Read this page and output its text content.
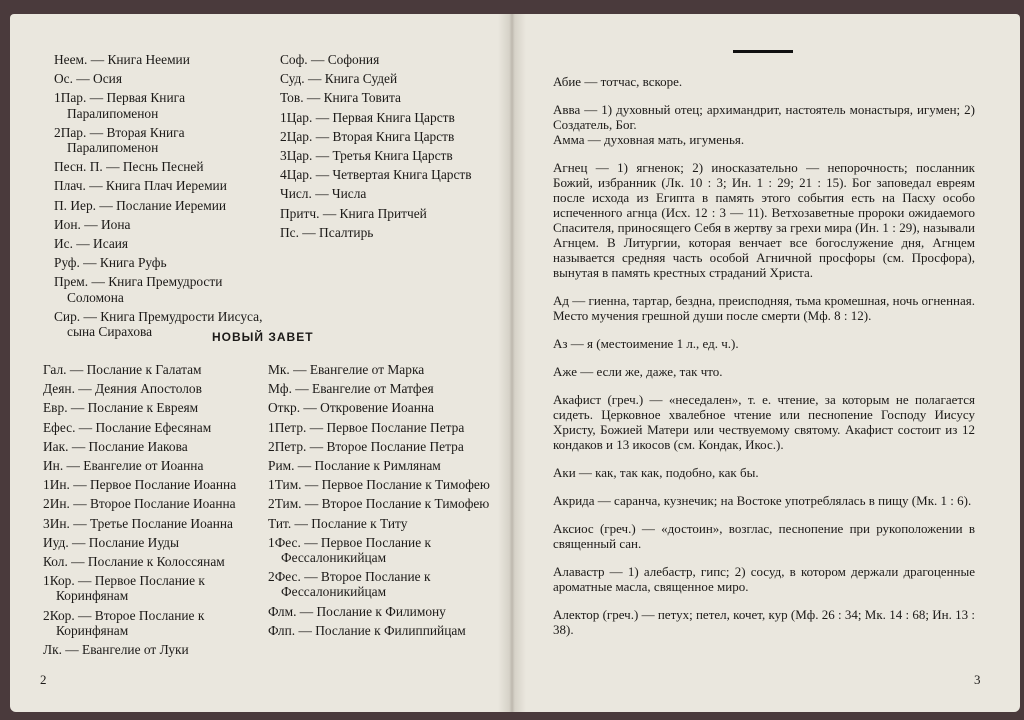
Неем. — Книга Неемии
Ос. — Осия
1Пар. — Первая Книга Паралипоменон
2Пар. — Вторая Книга Паралипоменон
Песн. П. — Песнь Песней
Плач. — Книга Плач Иеремии
П. Иер. — Послание Иеремии
Ион. — Иона
Ис. — Исаия
Руф. — Книга Руфь
Прем. — Книга Премудрости Соломона
Сир. — Книга Премудрости Иисуса, сына Сирахова
Соф. — Софония
Суд. — Книга Судей
Тов. — Книга Товита
1Цар. — Первая Книга Царств
2Цар. — Вторая Книга Царств
3Цар. — Третья Книга Царств
4Цар. — Четвертая Книга Царств
Числ. — Числа
Притч. — Книга Притчей
Пс. — Псалтирь
НОВЫЙ ЗАВЕТ
Гал. — Послание к Галатам
Деян. — Деяния Апостолов
Евр. — Послание к Евреям
Ефес. — Послание Ефесянам
Иак. — Послание Иакова
Ин. — Евангелие от Иоанна
1Ин. — Первое Послание Иоанна
2Ин. — Второе Послание Иоанна
3Ин. — Третье Послание Иоанна
Иуд. — Послание Иуды
Кол. — Послание к Колоссянам
1Кор. — Первое Послание к Коринфянам
2Кор. — Второе Послание к Коринфянам
Лк. — Евангелие от Луки
Мк. — Евангелие от Марка
Мф. — Евангелие от Матфея
Откр. — Откровение Иоанна
1Петр. — Первое Послание Петра
2Петр. — Второе Послание Петра
Рим. — Послание к Римлянам
1Тим. — Первое Послание к Тимофею
2Тим. — Второе Послание к Тимофею
Тит. — Послание к Титу
1Фес. — Первое Послание к Фессалоникийцам
2Фес. — Второе Послание к Фессалоникийцам
Флм. — Послание к Филимону
Флп. — Послание к Филиппийцам
2
Абие — тотчас, вскоре.
Авва — 1) духовный отец; архимандрит, настоятель монастыря, игумен; 2) Создатель, Бог.
Амма — духовная мать, игуменья.
Агнец — 1) ягненок; 2) иносказательно — непорочность; посланник Божий, избранник (Лк. 10 : 3; Ин. 1 : 29; 21 : 15). Бог заповедал евреям после исхода из Египта в память этого события есть на Пасху особо испеченного агнца (Исх. 12 : 3 — 11). Ветхозаветные пророки ожидаемого Спасителя, приносящего Себя в жертву за грехи мира (Ин. 1 : 29), называли Агнцем. В Литургии, которая венчает все богослужение дня, Агнцем называется средняя часть особой Агничной просфоры (см. Просфора), вынутая в память крестных страданий Христа.
Ад — гиенна, тартар, бездна, преисподняя, тьма кромешная, ночь огненная. Место мучения грешной души после смерти (Мф. 8 : 12).
Аз — я (местоимение 1 л., ед. ч.).
Аже — если же, даже, так что.
Акафист (греч.) — «неседален», т. е. чтение, за которым не полагается сидеть. Церковное хвалебное чтение или песнопение Господу Иисусу Христу, Божией Матери или чествуемому святому. Акафист состоит из 12 кондаков и 13 икосов (см. Кондак, Икос.).
Аки — как, так как, подобно, как бы.
Акрида — саранча, кузнечик; на Востоке употреблялась в пищу (Мк. 1 : 6).
Аксиос (греч.) — «достоин», возглас, песнопение при рукоположении в священный сан.
Алавастр — 1) алебастр, гипс; 2) сосуд, в котором держали драгоценные ароматные масла, священное миро.
Алектор (греч.) — петух; петел, кочет, кур (Мф. 26 : 34; Мк. 14 : 68; Ин. 13 : 38).
3
